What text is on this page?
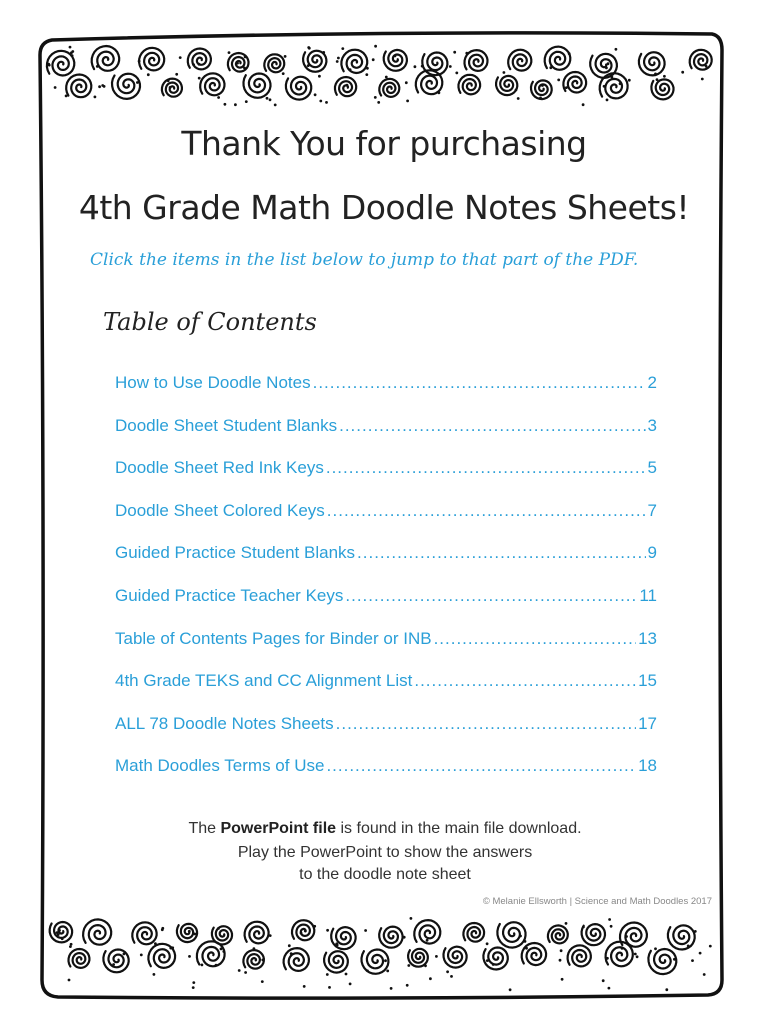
Thank You for purchasing
4th Grade Math Doodle Notes Sheets!
Click the items in the list below to jump to that part of the PDF.
Table of Contents
How to Use Doodle Notes .....	2
Doodle Sheet Student Blanks .....	3
Doodle Sheet Red Ink Keys .....	5
Doodle Sheet Colored Keys .....	7
Guided Practice Student Blanks .....	9
Guided Practice Teacher Keys .....	11
Table of Contents Pages for Binder or INB .....	13
4th Grade TEKS and CC Alignment List .....	15
ALL 78 Doodle Notes Sheets .....	17
Math Doodles Terms of Use .....	18
The PowerPoint file is found in the main file download.
Play the PowerPoint to show the answers
to the doodle note sheet
© Melanie Ellsworth | Science and Math Doodles 2017
